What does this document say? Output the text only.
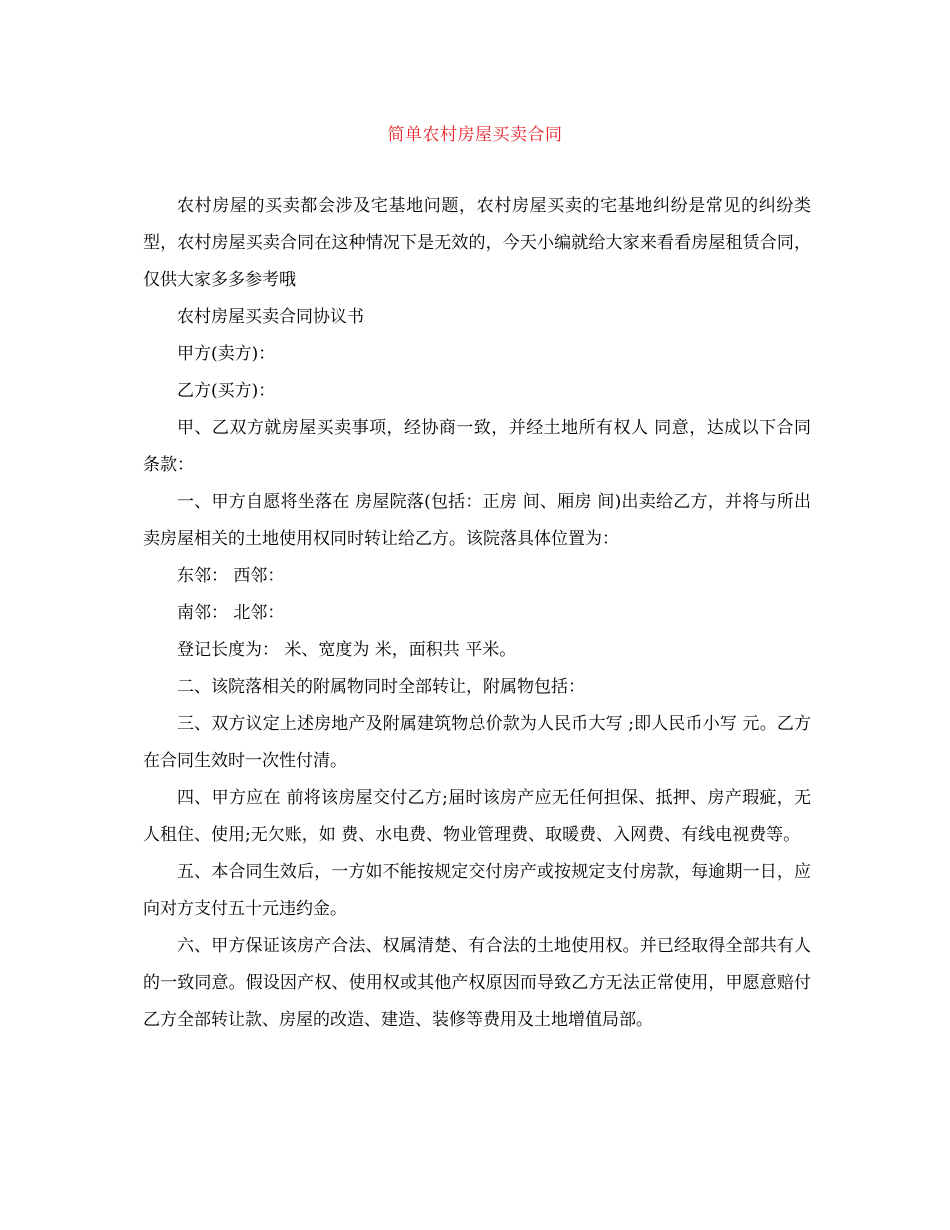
简单农村房屋买卖合同

农村房屋的买卖都会涉及宅基地问题，农村房屋买卖的宅基地纠纷是常见的纠纷类型，农村房屋买卖合同在这种情况下是无效的，今天小编就给大家来看看房屋租赁合同，仅供大家多多参考哦

农村房屋买卖合同协议书

甲方(卖方)：

乙方(买方)：

甲、乙双方就房屋买卖事项，经协商一致，并经土地所有权人 同意，达成以下合同条款：

一、甲方自愿将坐落在 房屋院落(包括：正房 间、厢房 间)出卖给乙方，并将与所出卖房屋相关的土地使用权同时转让给乙方。该院落具体位置为：

东邻： 西邻：

南邻： 北邻：

登记长度为： 米、宽度为 米，面积共 平米。

二、该院落相关的附属物同时全部转让，附属物包括：

三、双方议定上述房地产及附属建筑物总价款为人民币大写 ;即人民币小写 元。乙方在合同生效时一次性付清。

四、甲方应在 前将该房屋交付乙方;届时该房产应无任何担保、抵押、房产瑕疵，无人租住、使用;无欠账，如 费、水电费、物业管理费、取暖费、入网费、有线电视费等。

五、本合同生效后，一方如不能按规定交付房产或按规定支付房款，每逾期一日，应向对方支付五十元违约金。

六、甲方保证该房产合法、权属清楚、有合法的土地使用权。并已经取得全部共有人的一致同意。假设因产权、使用权或其他产权原因而导致乙方无法正常使用，甲愿意赔付乙方全部转让款、房屋的改造、建造、装修等费用及土地增值局部。
